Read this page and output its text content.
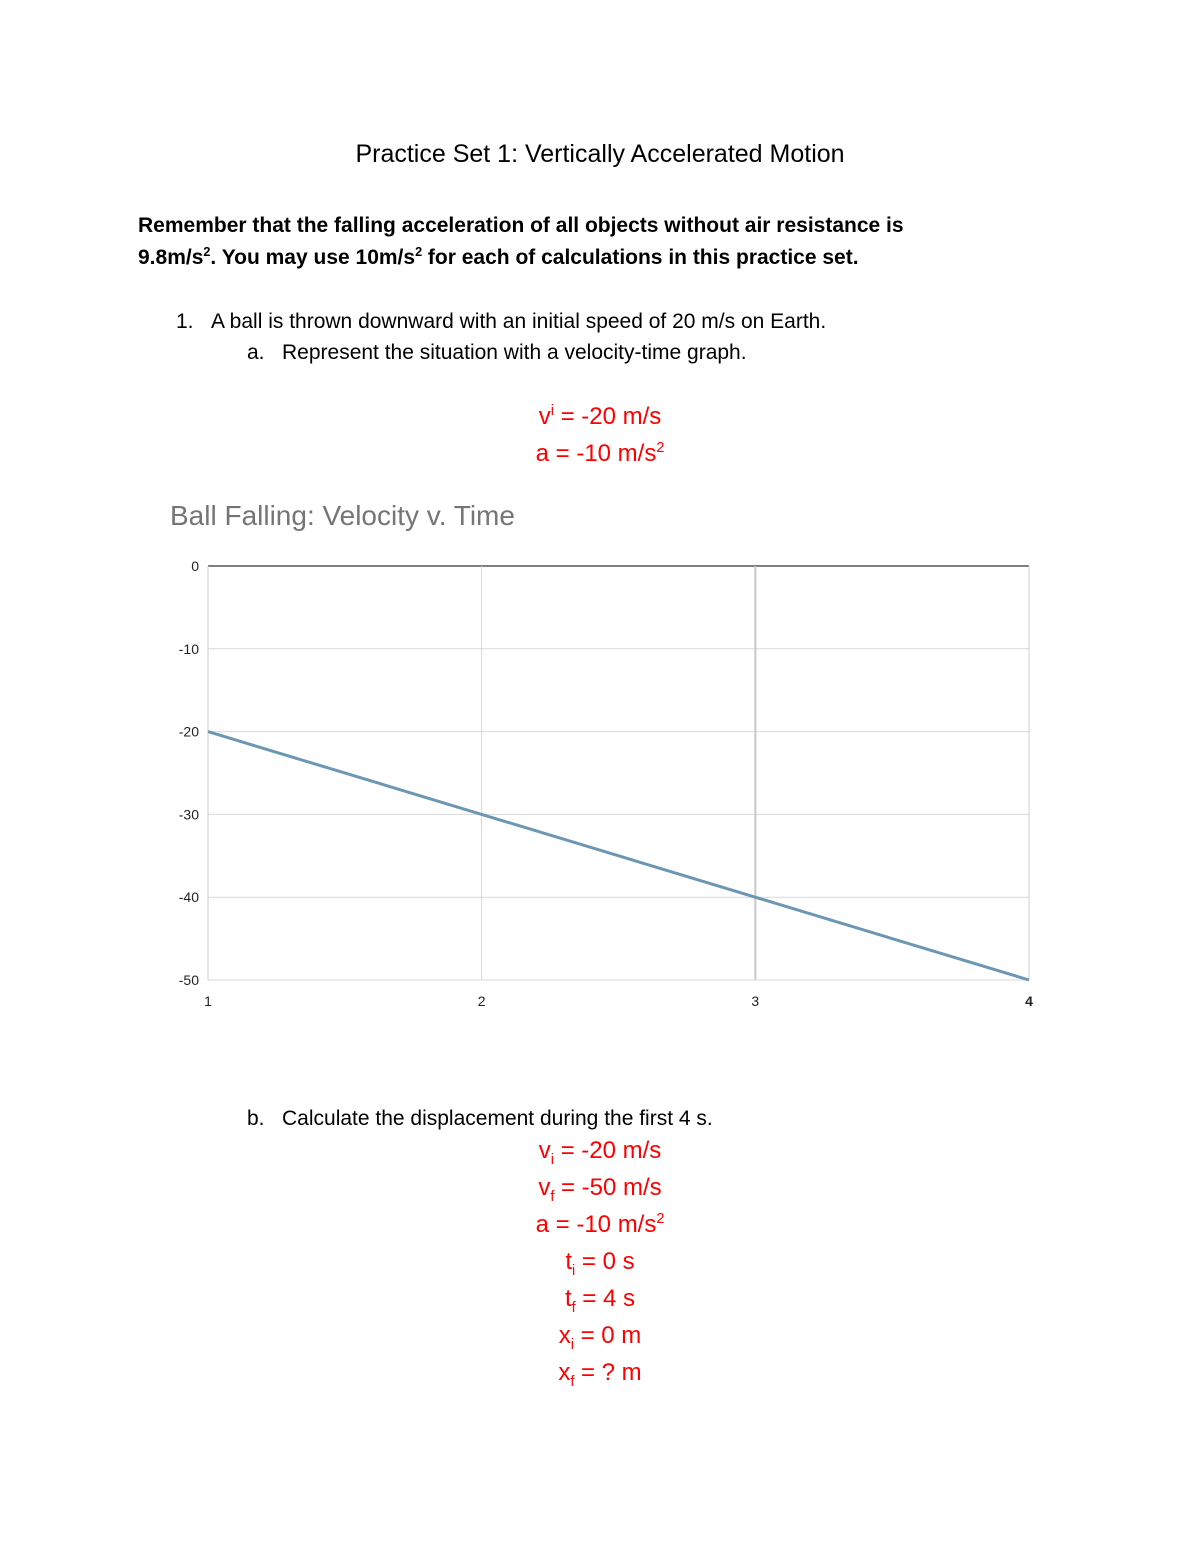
Practice Set 1: Vertically Accelerated Motion
Remember that the falling acceleration of all objects without air resistance is
$9.8m/s^2$. You may use $10m/s^2$ for each of calculations in this practice set.
1. A ball is thrown downward with an initial speed of 20 m/s on Earth.
a. Represent the situation with a velocity-time graph.
$v^i = -20$ m/s
a = -10 $m/s^2$
Ball Falling: Velocity v. Time
0
-10
-20
-30
-40
-50
1	2	3	4
b. Calculate the displacement during the first 4 s.
$v_i = -20$ m/s
$v_f = -50$ m/s
a = -10 $m/s^2$
$t_i = 0$ s
$t_f = 4$ s
$x_i = 0$ m
$x_f$ = ? m
